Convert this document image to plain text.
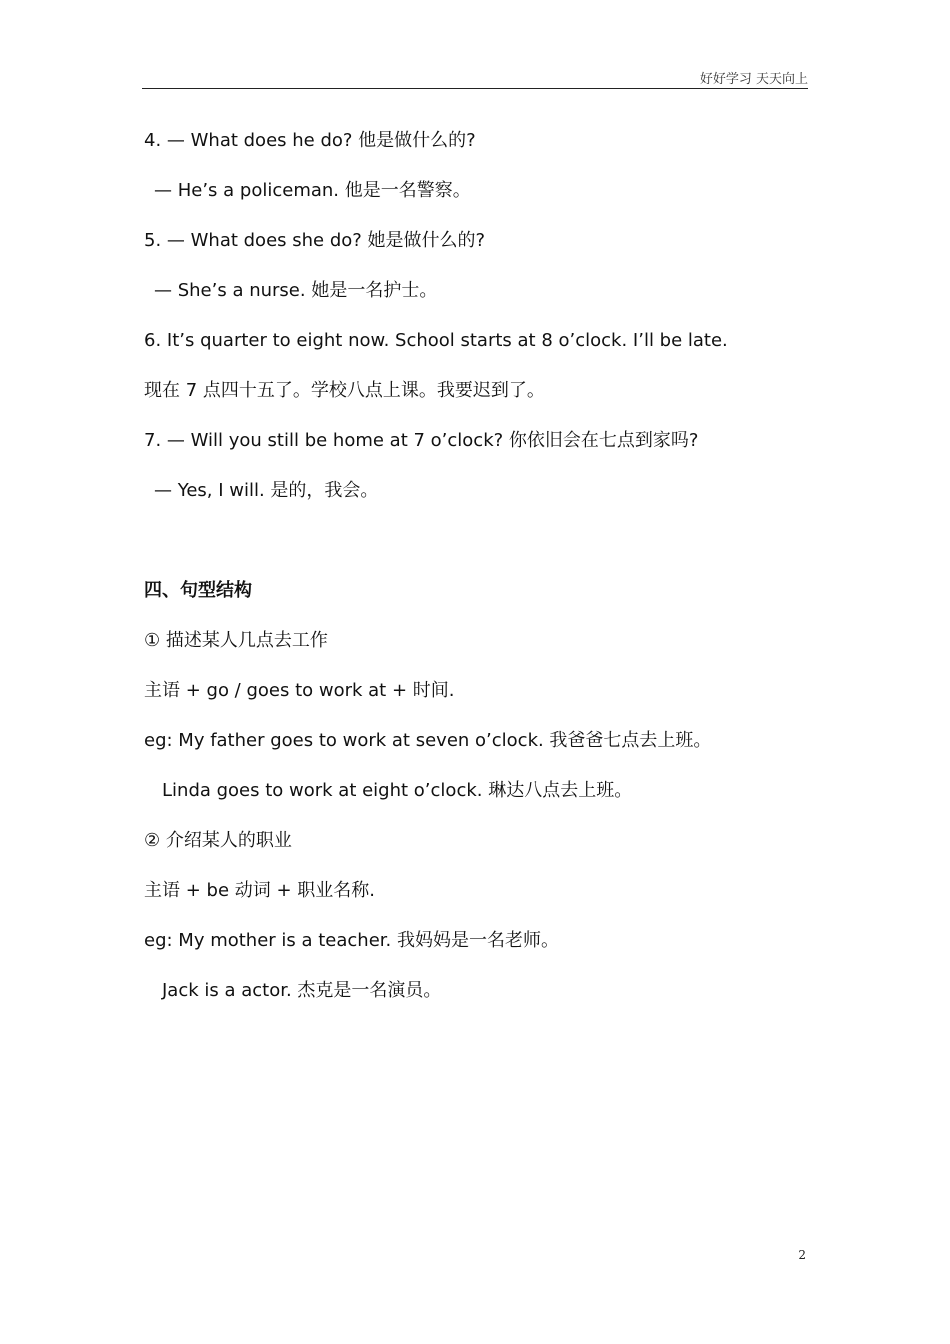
好好学习 天天向上
4. — What does he do? 他是做什么的?
— He’s a policeman. 他是一名警察。
5. — What does she do? 她是做什么的?
— She’s a nurse. 她是一名护士。
6. It’s quarter to eight now. School starts at 8 o’clock. I’ll be late.
现在 7 点四十五了。学校八点上课。我要迟到了。
7. — Will you still be home at 7 o’clock? 你依旧会在七点到家吗?
— Yes, I will. 是的，我会。
四、句型结构
① 描述某人几点去工作
主语 + go / goes to work at + 时间.
eg: My father goes to work at seven o’clock. 我爸爸七点去上班。
Linda goes to work at eight o’clock. 琳达八点去上班。
② 介绍某人的职业
主语 + be 动词 + 职业名称.
eg: My mother is a teacher. 我妈妈是一名老师。
Jack is a actor. 杰克是一名演员。
2
